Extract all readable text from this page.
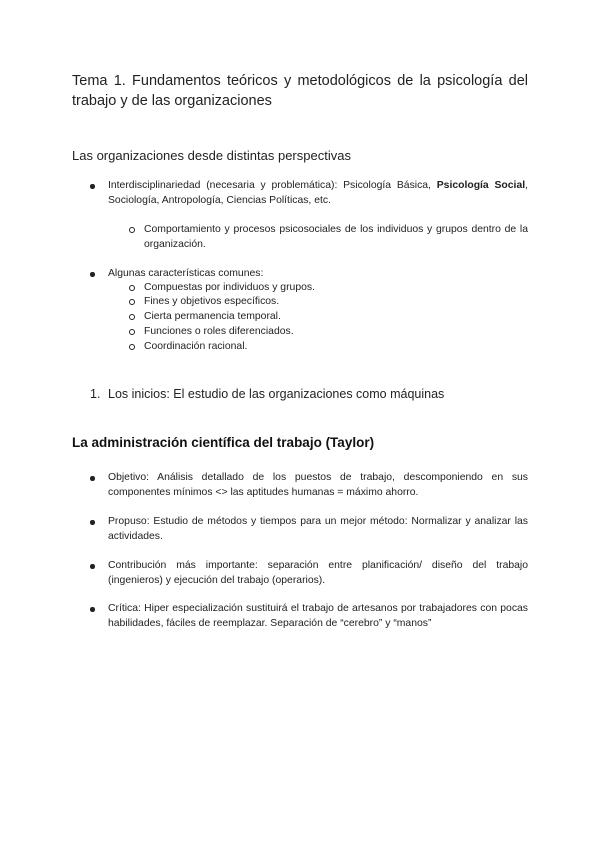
Tema 1. Fundamentos teóricos y metodológicos de la psicología del trabajo y de las organizaciones
Las organizaciones desde distintas perspectivas
Interdisciplinariedad (necesaria y problemática): Psicología Básica, Psicología Social, Sociología, Antropología, Ciencias Políticas, etc.
Comportamiento y procesos psicosociales de los individuos y grupos dentro de la organización.
Algunas características comunes:
Compuestas por individuos y grupos.
Fines y objetivos específicos.
Cierta permanencia temporal.
Funciones o roles diferenciados.
Coordinación racional.
1. Los inicios: El estudio de las organizaciones como máquinas
La administración científica del trabajo (Taylor)
Objetivo: Análisis detallado de los puestos de trabajo, descomponiendo en sus componentes mínimos <> las aptitudes humanas = máximo ahorro.
Propuso: Estudio de métodos y tiempos para un mejor método: Normalizar y analizar las actividades.
Contribución más importante: separación entre planificación/ diseño del trabajo (ingenieros) y ejecución del trabajo (operarios).
Crítica: Hiper especialización sustituirá el trabajo de artesanos por trabajadores con pocas habilidades, fáciles de reemplazar. Separación de “cerebro” y “manos”
